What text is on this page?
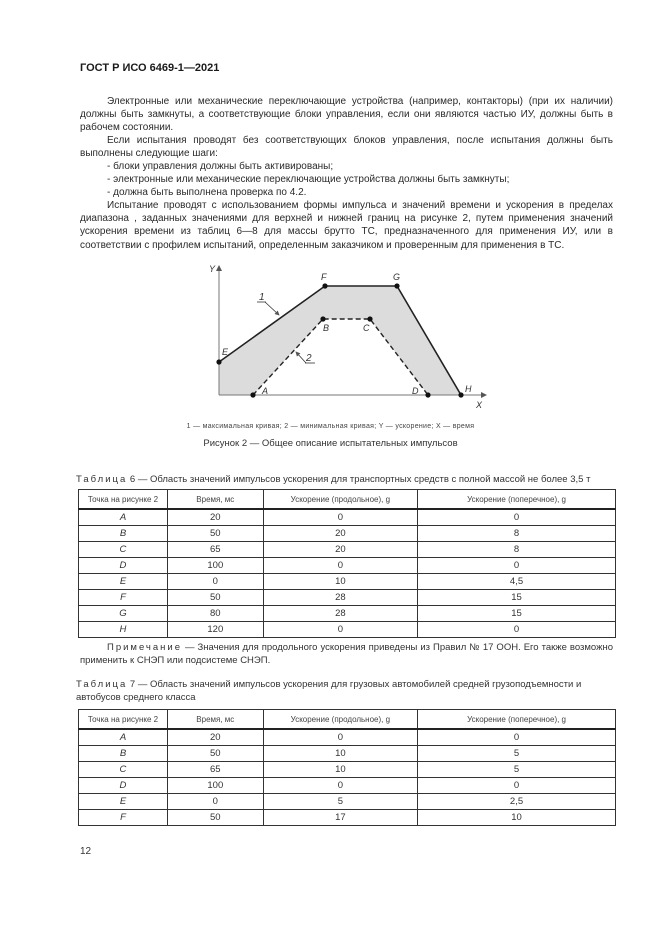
ГОСТ Р ИСО 6469-1—2021
Электронные или механические переключающие устройства (например, контакторы) (при их наличии) должны быть замкнуты, а соответствующие блоки управления, если они являются частью ИУ, должны быть в рабочем состоянии.
Если испытания проводят без соответствующих блоков управления, после испытания должны быть выполнены следующие шаги:
- блоки управления должны быть активированы;
- электронные или механические переключающие устройства должны быть замкнуты;
- должна быть выполнена проверка по 4.2.
Испытание проводят с использованием формы импульса и значений времени и ускорения в пределах диапазона , заданных значениями для верхней и нижней границ на рисунке 2, путем применения значений ускорения времени из таблиц 6—8 для массы брутто ТС, предназначенного для применения ИУ, или в соответствии с профилем испытаний, определенным заказчиком и проверенным для применения в ТС.
Y
X
E
F	G
H
A
B	C
D
1
2
1 — максимальная кривая; 2 — минимальная кривая; Y — ускорение; X — время
Рисунок 2 — Общее описание испытательных импульсов
Таблица 6 — Область значений импульсов ускорения для транспортных средств с полной массой не более 3,5 т
Точка на рисунке 2	Время, мс	Ускорение (продольное), g	Ускорение (поперечное), g
A	20	0	0
B	50	20	8
C	65	20	8
D	100	0	0
E	0	10	4,5
F	50	28	15
G	80	28	15
H	120	0	0
Примечание — Значения для продольного ускорения приведены из Правил № 17 ООН. Его также возможно применить к СНЭП или подсистеме СНЭП.
Таблица 7 — Область значений импульсов ускорения для грузовых автомобилей средней грузоподъемности и автобусов среднего класса
Точка на рисунке 2	Время, мс	Ускорение (продольное), g	Ускорение (поперечное), g
A	20	0	0
B	50	10	5
C	65	10	5
D	100	0	0
E	0	5	2,5
F	50	17	10
12
